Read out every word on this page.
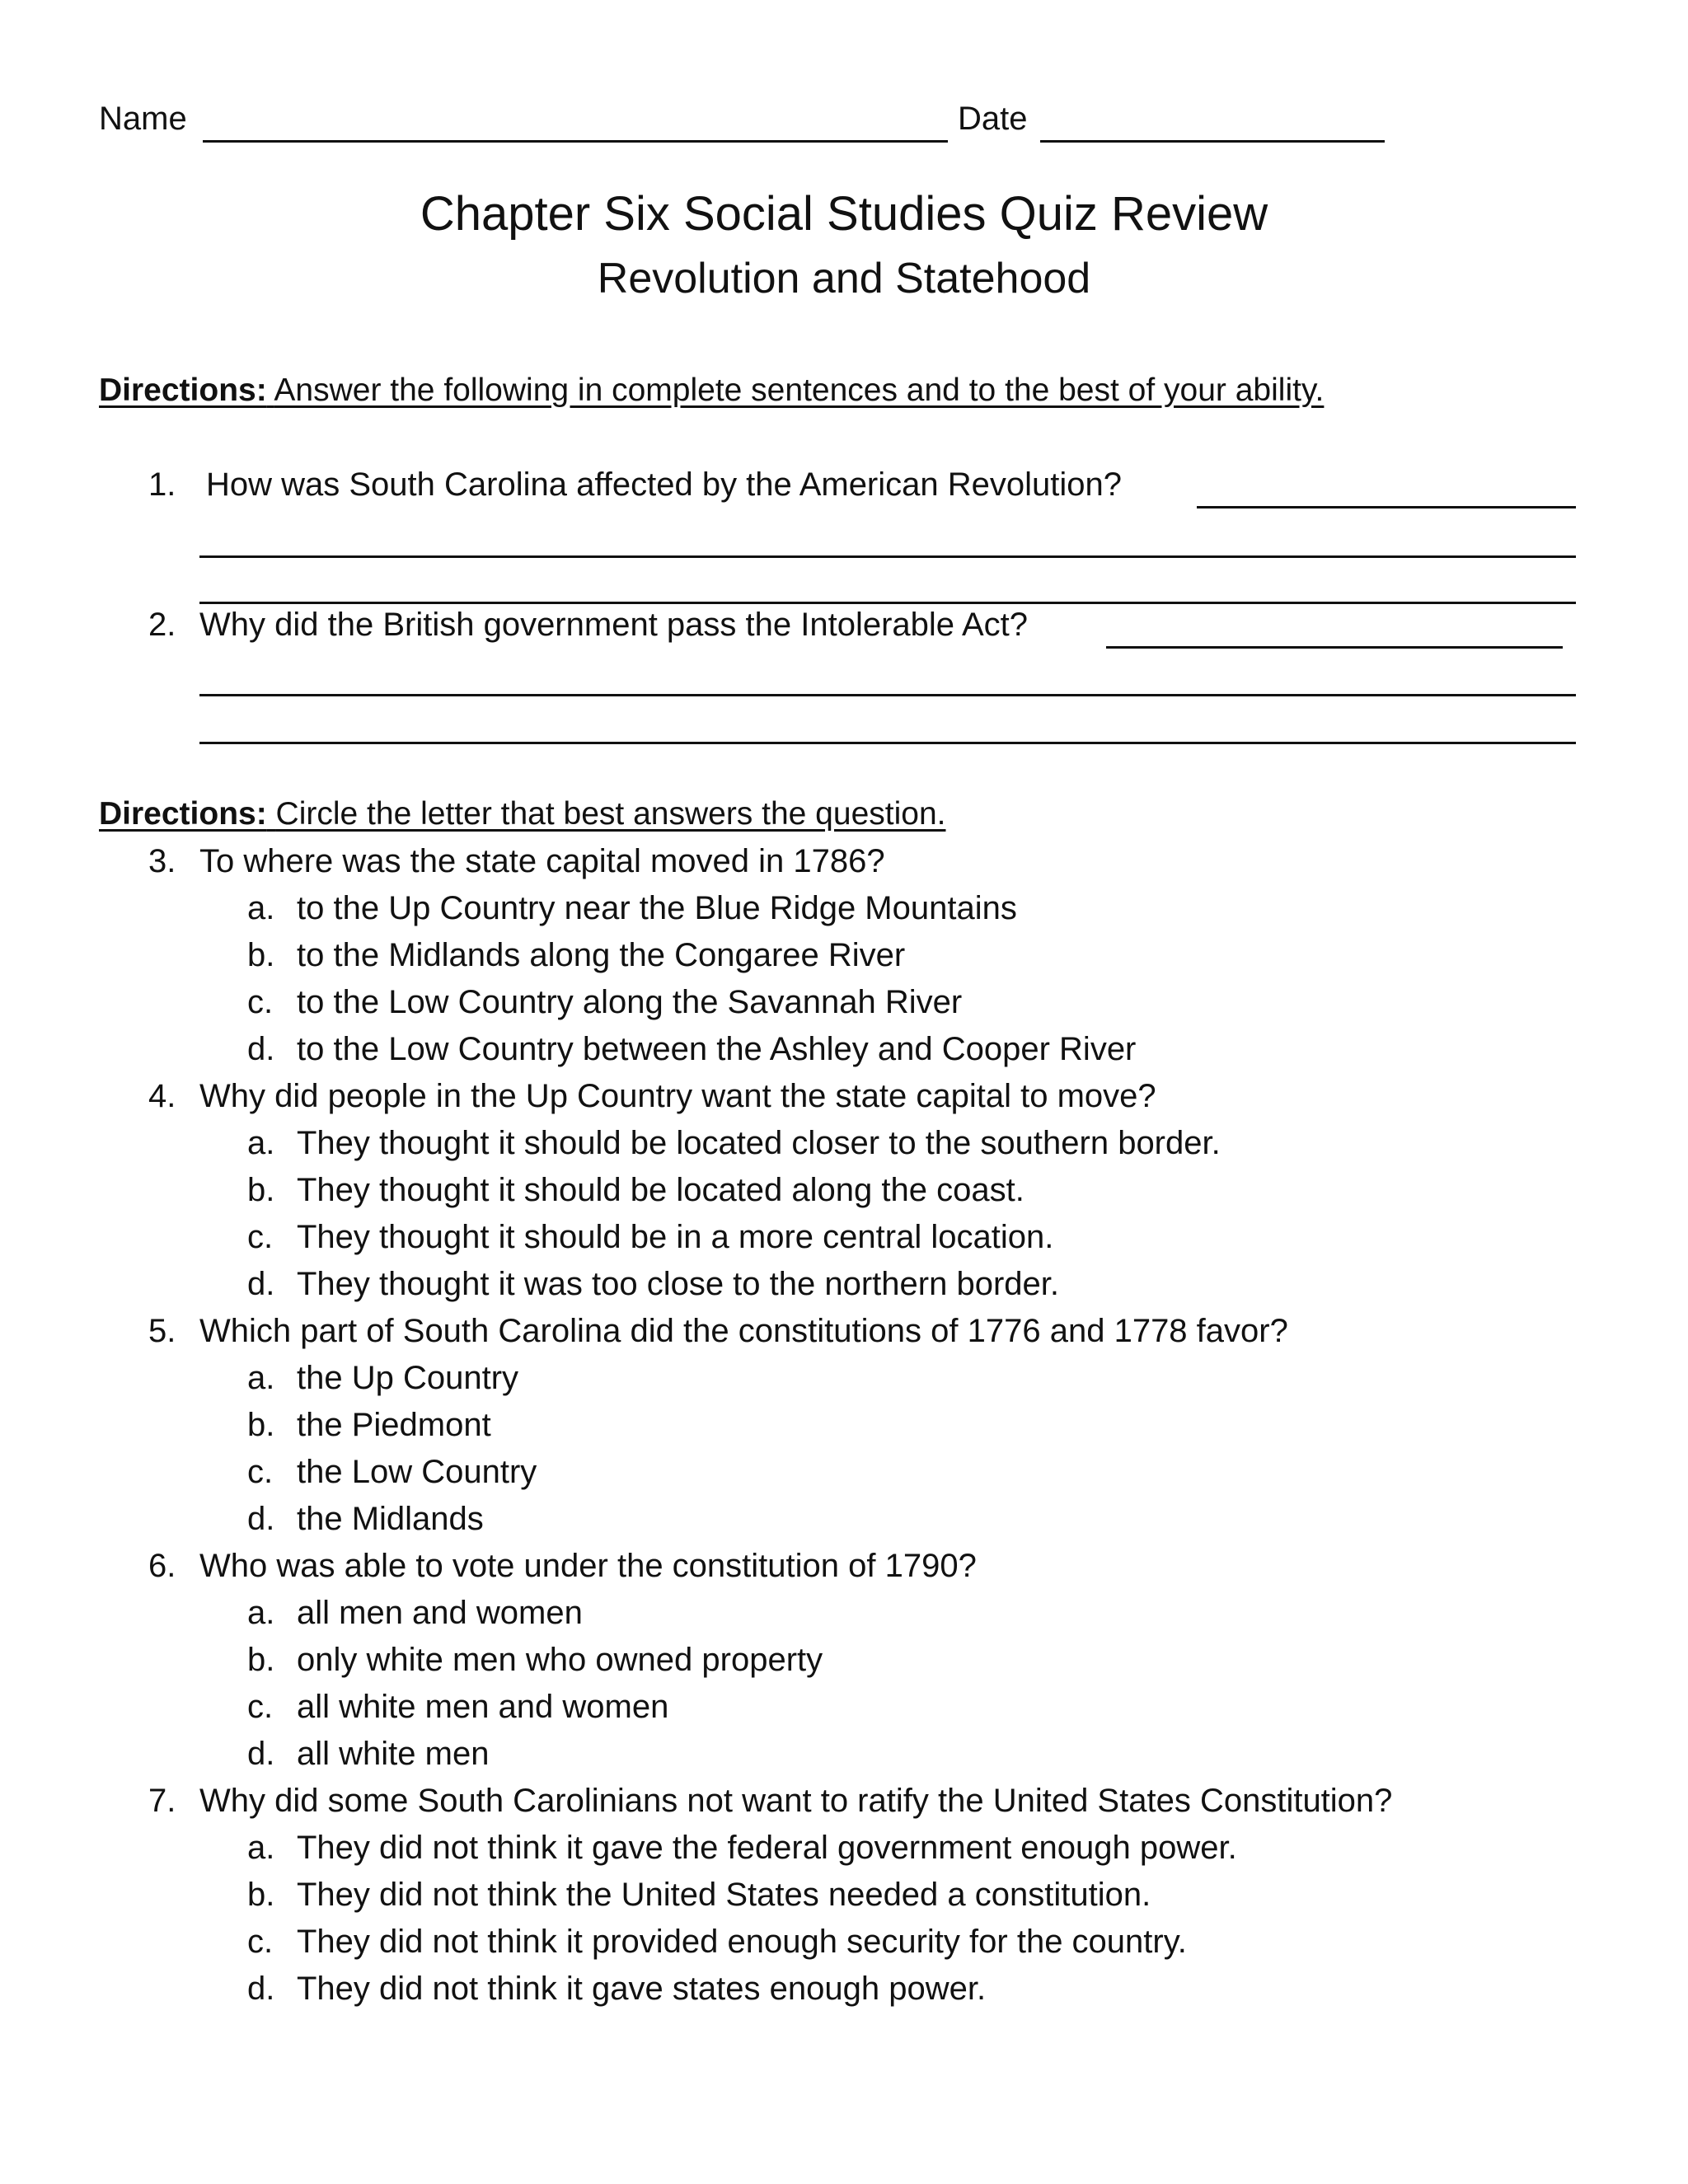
Name	Date
Chapter Six Social Studies Quiz Review
Revolution and Statehood
Directions: Answer the following in complete sentences and to the best of your ability.
1. How was South Carolina affected by the American Revolution?
2. Why did the British government pass the Intolerable Act?
Directions: Circle the letter that best answers the question.
3. To where was the state capital moved in 1786?
a. to the Up Country near the Blue Ridge Mountains
b. to the Midlands along the Congaree River
c. to the Low Country along the Savannah River
d. to the Low Country between the Ashley and Cooper River
4. Why did people in the Up Country want the state capital to move?
a. They thought it should be located closer to the southern border.
b. They thought it should be located along the coast.
c. They thought it should be in a more central location.
d. They thought it was too close to the northern border.
5. Which part of South Carolina did the constitutions of 1776 and 1778 favor?
a. the Up Country
b. the Piedmont
c. the Low Country
d. the Midlands
6. Who was able to vote under the constitution of 1790?
a. all men and women
b. only white men who owned property
c. all white men and women
d. all white men
7. Why did some South Carolinians not want to ratify the United States Constitution?
a. They did not think it gave the federal government enough power.
b. They did not think the United States needed a constitution.
c. They did not think it provided enough security for the country.
d. They did not think it gave states enough power.
